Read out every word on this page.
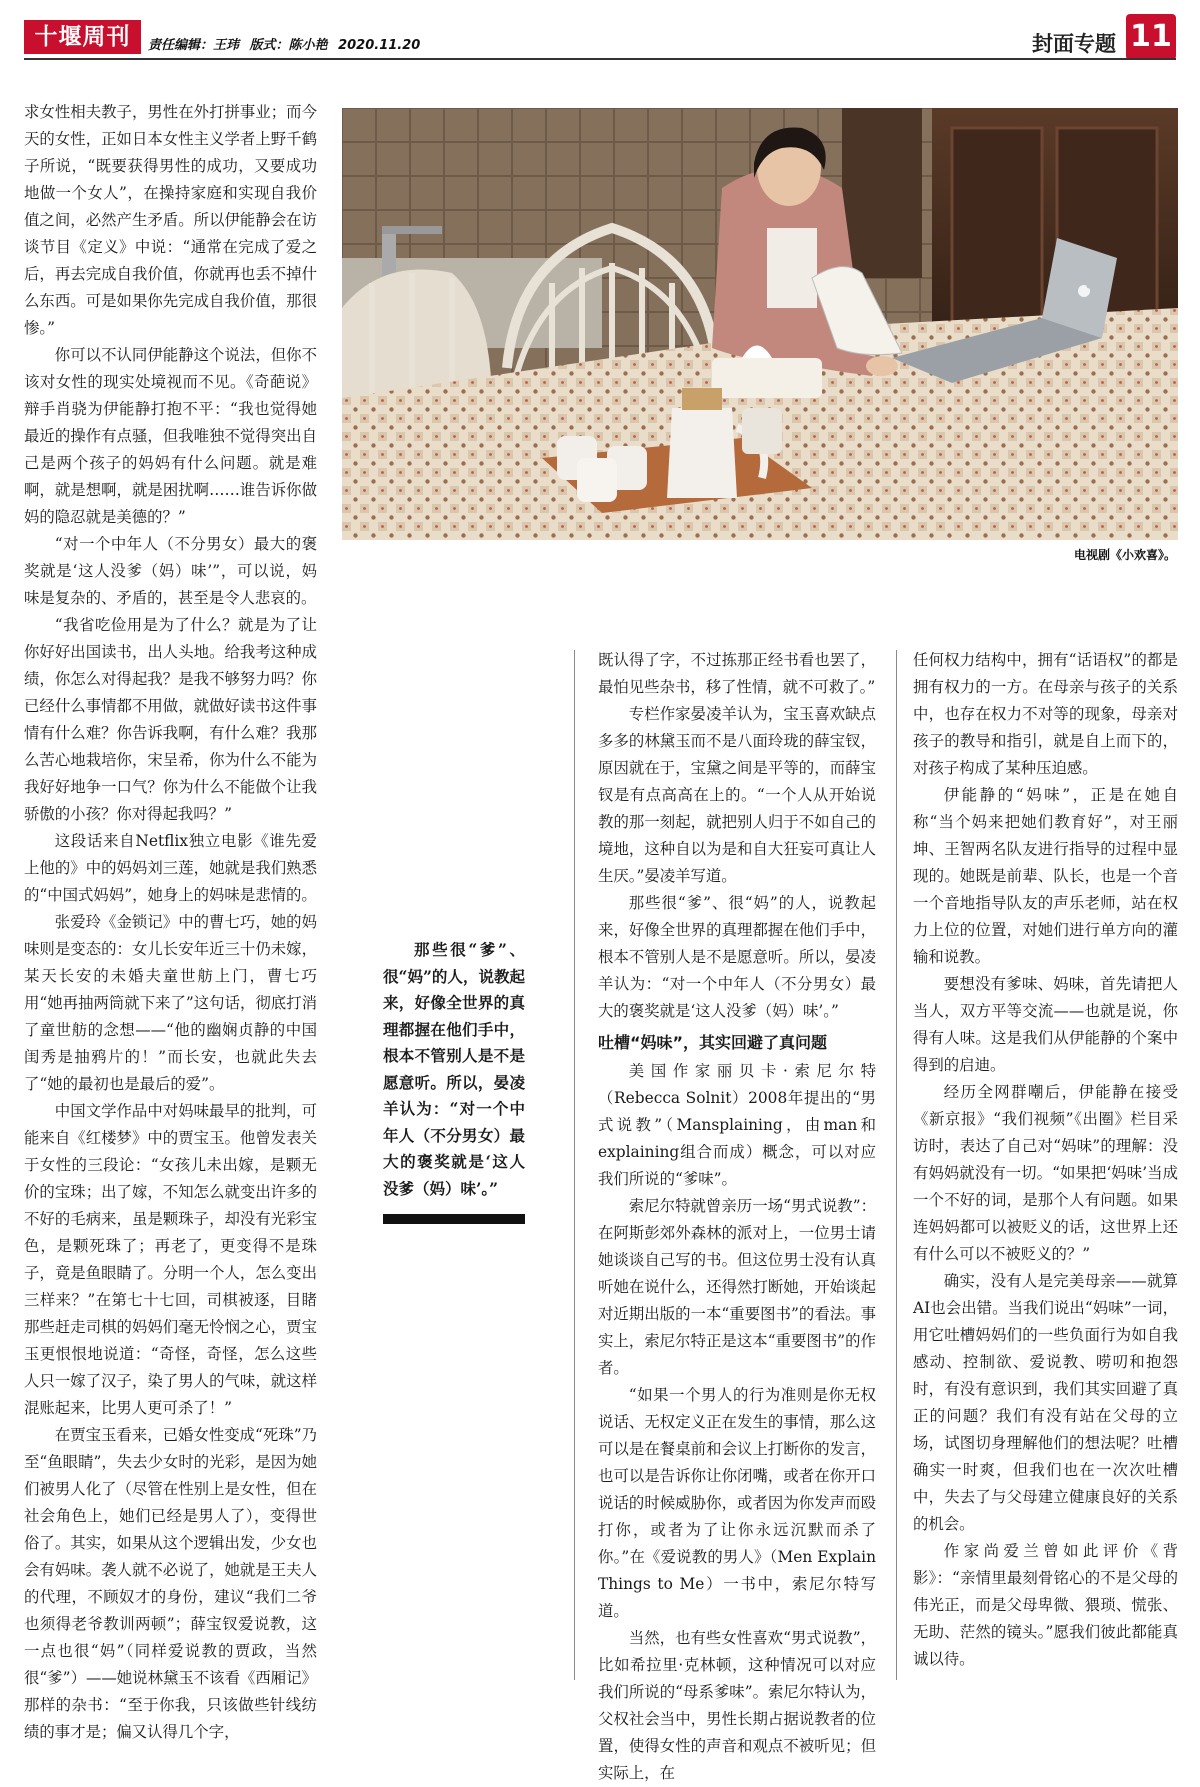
十堰周刊	责任编辑：王玮 版式：陈小艳 2020.11.20	封面专题 11

求女性相夫教子，男性在外打拼事业；而今天的女性，正如日本女性主义学者上野千鹤子所说，“既要获得男性的成功，又要成功地做一个女人”，在操持家庭和实现自我价值之间，必然产生矛盾。所以伊能静会在访谈节目《定义》中说：“通常在完成了爱之后，再去完成自我价值，你就再也丢不掉什么东西。可是如果你先完成自我价值，那很惨。”

你可以不认同伊能静这个说法，但你不该对女性的现实处境视而不见。《奇葩说》辩手肖骁为伊能静打抱不平：“我也觉得她最近的操作有点骚，但我唯独不觉得突出自己是两个孩子的妈妈有什么问题。就是难啊，就是想啊，就是困扰啊……谁告诉你做妈的隐忍就是美德的？”

“对一个中年人（不分男女）最大的褒奖就是‘这人没爹（妈）味’”，可以说，妈味是复杂的、矛盾的，甚至是令人悲哀的。

“我省吃俭用是为了什么？就是为了让你好好出国读书，出人头地。给我考这种成绩，你怎么对得起我？是我不够努力吗？你已经什么事情都不用做，就做好读书这件事情有什么难？你告诉我啊，有什么难？我那么苦心地栽培你，宋呈希，你为什么不能为我好好地争一口气？你为什么不能做个让我骄傲的小孩？你对得起我吗？”

这段话来自Netflix独立电影《谁先爱上他的》中的妈妈刘三莲，她就是我们熟悉的“中国式妈妈”，她身上的妈味是悲情的。

张爱玲《金锁记》中的曹七巧，她的妈味则是变态的：女儿长安年近三十仍未嫁，某天长安的未婚夫童世舫上门，曹七巧用“她再抽两筒就下来了”这句话，彻底打消了童世舫的念想——“他的幽娴贞静的中国闺秀是抽鸦片的！”而长安，也就此失去了“她的最初也是最后的爱”。

中国文学作品中对妈味最早的批判，可能来自《红楼梦》中的贾宝玉。他曾发表关于女性的三段论：“女孩儿未出嫁，是颗无价的宝珠；出了嫁，不知怎么就变出许多的不好的毛病来，虽是颗珠子，却没有光彩宝色，是颗死珠了；再老了，更变得不是珠子，竟是鱼眼睛了。分明一个人，怎么变出三样来？”在第七十七回，司棋被逐，目睹那些赶走司棋的妈妈们毫无怜悯之心，贾宝玉更恨恨地说道：“奇怪，奇怪，怎么这些人只一嫁了汉子，染了男人的气味，就这样混账起来，比男人更可杀了！”

在贾宝玉看来，已婚女性变成“死珠”乃至“鱼眼睛”，失去少女时的光彩，是因为她们被男人化了（尽管在性别上是女性，但在社会角色上，她们已经是男人了），变得世俗了。其实，如果从这个逻辑出发，少女也会有妈味。袭人就不必说了，她就是王夫人的代理，不顾奴才的身份，建议“我们二爷也须得老爷教训两顿”；薛宝钗爱说教，这一点也很“妈”（同样爱说教的贾政，当然很“爹”）——她说林黛玉不该看《西厢记》那样的杂书：“至于你我，只该做些针线纺绩的事才是；偏又认得几个字，

电视剧《小欢喜》。

那些很“爹”、很“妈”的人，说教起来，好像全世界的真理都握在他们手中，根本不管别人是不是愿意听。所以，晏凌羊认为：“对一个中年人（不分男女）最大的褒奖就是‘这人没爹（妈）味’。”

既认得了字，不过拣那正经书看也罢了，最怕见些杂书，移了性情，就不可救了。”

专栏作家晏凌羊认为，宝玉喜欢缺点多多的林黛玉而不是八面玲珑的薛宝钗，原因就在于，宝黛之间是平等的，而薛宝钗是有点高高在上的。“一个人从开始说教的那一刻起，就把别人归于不如自己的境地，这种自以为是和自大狂妄可真让人生厌。”晏凌羊写道。

那些很“爹”、很“妈”的人，说教起来，好像全世界的真理都握在他们手中，根本不管别人是不是愿意听。所以，晏凌羊认为：“对一个中年人（不分男女）最大的褒奖就是‘这人没爹（妈）味’。”

吐槽“妈味”，其实回避了真问题

美国作家丽贝卡·索尼尔特（Rebecca Solnit）2008年提出的“男式说教”（Mansplaining，由man和explaining组合而成）概念，可以对应我们所说的“爹味”。

索尼尔特就曾亲历一场“男式说教”：在阿斯彭郊外森林的派对上，一位男士请她谈谈自己写的书。但这位男士没有认真听她在说什么，还得然打断她，开始谈起对近期出版的一本“重要图书”的看法。事实上，索尼尔特正是这本“重要图书”的作者。

“如果一个男人的行为准则是你无权说话、无权定义正在发生的事情，那么这可以是在餐桌前和会议上打断你的发言，也可以是告诉你让你闭嘴，或者在你开口说话的时候威胁你，或者因为你发声而殴打你，或者为了让你永远沉默而杀了你。”在《爱说教的男人》（Men Explain Things to Me）一书中，索尼尔特写道。

当然，也有些女性喜欢“男式说教”，比如希拉里·克林顿，这种情况可以对应我们所说的“母系爹味”。索尼尔特认为，父权社会当中，男性长期占据说教者的位置，使得女性的声音和观点不被听见；但实际上，在

任何权力结构中，拥有“话语权”的都是拥有权力的一方。在母亲与孩子的关系中，也存在权力不对等的现象，母亲对孩子的教导和指引，就是自上而下的，对孩子构成了某种压迫感。

伊能静的“妈味”，正是在她自称“当个妈来把她们教育好”，对王丽坤、王智两名队友进行指导的过程中显现的。她既是前辈、队长，也是一个音一个音地指导队友的声乐老师，站在权力上位的位置，对她们进行单方向的灌输和说教。

要想没有爹味、妈味，首先请把人当人，双方平等交流——也就是说，你得有人味。这是我们从伊能静的个案中得到的启迪。

经历全网群嘲后，伊能静在接受《新京报》“我们视频”《出圈》栏目采访时，表达了自己对“妈味”的理解：没有妈妈就没有一切。“如果把‘妈味’当成一个不好的词，是那个人有问题。如果连妈妈都可以被贬义的话，这世界上还有什么可以不被贬义的？”

确实，没有人是完美母亲——就算AI也会出错。当我们说出“妈味”一词，用它吐槽妈妈们的一些负面行为如自我感动、控制欲、爱说教、唠叨和抱怨时，有没有意识到，我们其实回避了真正的问题？我们有没有站在父母的立场，试图切身理解他们的想法呢？吐槽确实一时爽，但我们也在一次次吐槽中，失去了与父母建立健康良好的关系的机会。

作家尚爱兰曾如此评价《背影》：“亲情里最刻骨铭心的不是父母的伟光正，而是父母卑微、猥琐、慌张、无助、茫然的镜头。”愿我们彼此都能真诚以待。
